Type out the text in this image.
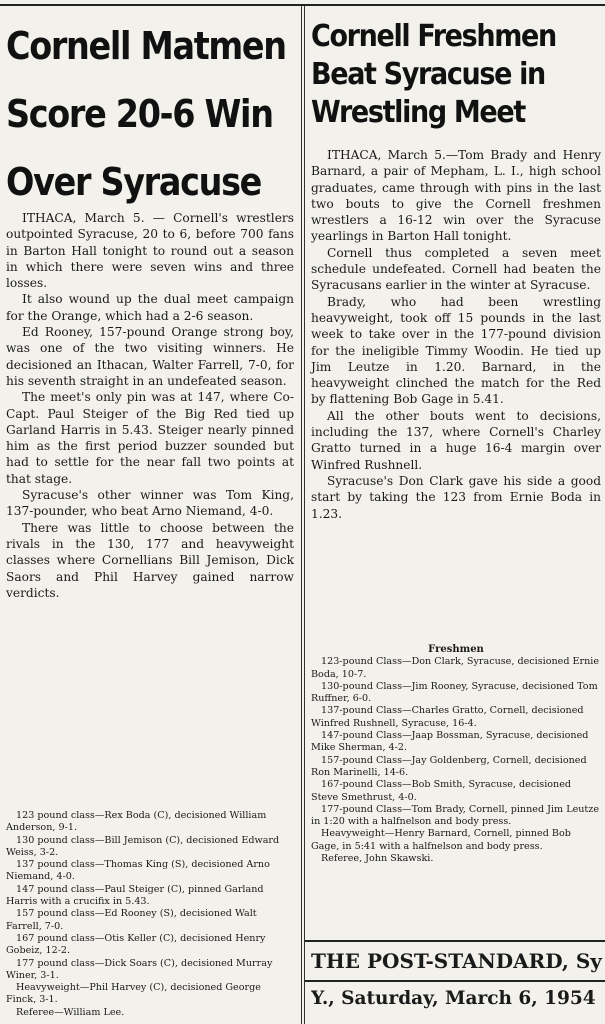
Cornell Matmen Score 20-6 Win Over Syracuse

ITHACA, March 5. — Cornell's wrestlers outpointed Syracuse, 20 to 6, before 700 fans in Barton Hall tonight to round out a season in which there were seven wins and three losses.

It also wound up the dual meet campaign for the Orange, which had a 2-6 season.

Ed Rooney, 157-pound Orange strong boy, was one of the two visiting winners. He decisioned an Ithacan, Walter Farrell, 7-0, for his seventh straight in an undefeated season.

The meet's only pin was at 147, where Co-Capt. Paul Steiger of the Big Red tied up Garland Harris in 5.43. Steiger nearly pinned him as the first period buzzer sounded but had to settle for the near fall two points at that stage.

Syracuse's other winner was Tom King, 137-pounder, who beat Arno Niemand, 4-0.

There was little to choose between the rivals in the 130, 177 and heavyweight classes where Cornellians Bill Jemison, Dick Saors and Phil Harvey gained narrow verdicts.

123 pound class—Rex Boda (C), decisioned William Anderson, 9-1.
130 pound class—Bill Jemison (C), decisioned Edward Weiss, 3-2.
137 pound class—Thomas King (S), decisioned Arno Niemand, 4-0.
147 pound class—Paul Steiger (C), pinned Garland Harris with a crucifix in 5.43.
157 pound class—Ed Rooney (S), decisioned Walt Farrell, 7-0.
167 pound class—Otis Keller (C), decisioned Henry Gobeiz, 12-2.
177 pound class—Dick Soars (C), decisioned Murray Winer, 3-1.
Heavyweight—Phil Harvey (C), decisioned George Finck, 3-1.
Referee—William Lee.
Cornell Freshmen Beat Syracuse in Wrestling Meet

ITHACA, March 5.—Tom Brady and Henry Barnard, a pair of Mepham, L. I., high school graduates, came through with pins in the last two bouts to give the Cornell freshmen wrestlers a 16-12 win over the Syracuse yearlings in Barton Hall tonight.

Cornell thus completed a seven meet schedule undefeated. Cornell had beaten the Syracusans earlier in the winter at Syracuse.

Brady, who had been wrestling heavyweight, took off 15 pounds in the last week to take over in the 177-pound division for the ineligible Timmy Woodin. He tied up Jim Leutze in 1.20. Barnard, in the heavyweight clinched the match for the Red by flattening Bob Gage in 5.41.

All the other bouts went to decisions, including the 137, where Cornell's Charley Gratto turned in a huge 16-4 margin over Winfred Rushnell.

Syracuse's Don Clark gave his side a good start by taking the 123 from Ernie Boda in 1.23.

Freshmen

123-pound Class—Don Clark, Syracuse, decisioned Ernie Boda, 10-7.
130-pound Class—Jim Rooney, Syracuse, decisioned Tom Ruffner, 6-0.
137-pound Class—Charles Gratto, Cornell, decisioned Winfred Rushnell, Syracuse, 16-4.
147-pound Class—Jaap Bossman, Syracuse, decisioned Mike Sherman, 4-2.
157-pound Class—Jay Goldenberg, Cornell, decisioned Ron Marinelli, 14-6.
167-pound Class—Bob Smith, Syracuse, decisioned Steve Smethrust, 4-0.
177-pound Class—Tom Brady, Cornell, pinned Jim Leutze in 1:20 with a halfnelson and body press.
Heavyweight—Henry Barnard, Cornell, pinned Bob Gage, in 5:41 with a halfnelson and body press.
Referee, John Skawski.
THE POST-STANDARD, Sy
Y., Saturday, March 6, 1954
